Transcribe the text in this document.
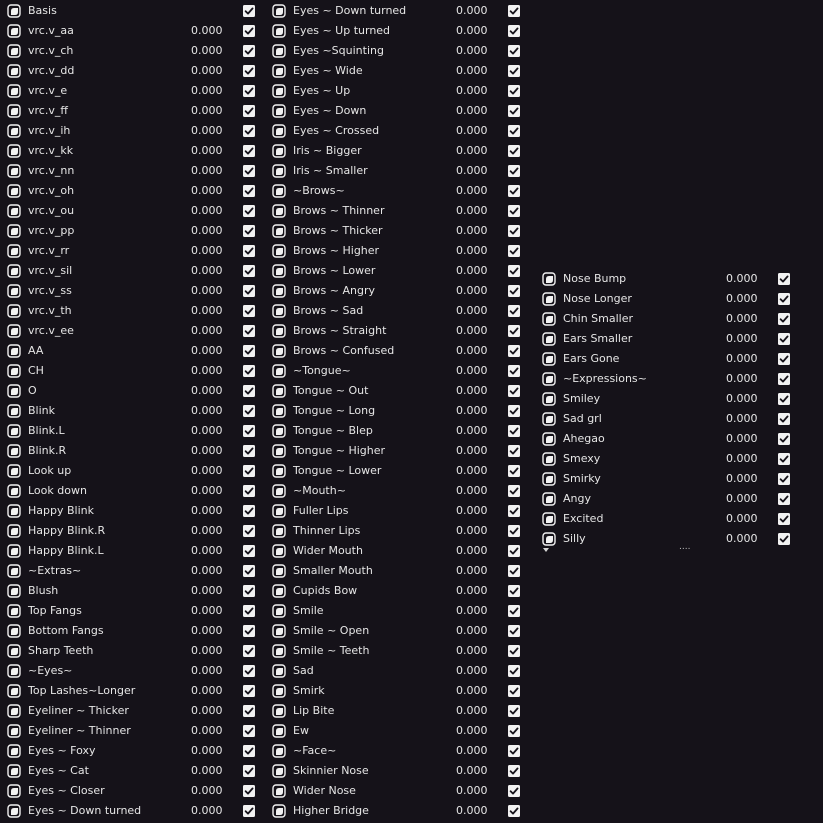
Basis
vrc.v_aa	0.000
vrc.v_ch	0.000
vrc.v_dd	0.000
vrc.v_e	0.000
vrc.v_ff	0.000
vrc.v_ih	0.000
vrc.v_kk	0.000
vrc.v_nn	0.000
vrc.v_oh	0.000
vrc.v_ou	0.000
vrc.v_pp	0.000
vrc.v_rr	0.000
vrc.v_sil	0.000
vrc.v_ss	0.000
vrc.v_th	0.000
vrc.v_ee	0.000
AA	0.000
CH	0.000
O	0.000
Blink	0.000
Blink.L	0.000
Blink.R	0.000
Look up	0.000
Look down	0.000
Happy Blink	0.000
Happy Blink.R	0.000
Happy Blink.L	0.000
~Extras~	0.000
Blush	0.000
Top Fangs	0.000
Bottom Fangs	0.000
Sharp Teeth	0.000
~Eyes~	0.000
Top Lashes~Longer	0.000
Eyeliner ~ Thicker	0.000
Eyeliner ~ Thinner	0.000
Eyes ~ Foxy	0.000
Eyes ~ Cat	0.000
Eyes ~ Closer	0.000
Eyes ~ Down turned	0.000
Eyes ~ Down turned	0.000
Eyes ~ Up turned	0.000
Eyes ~Squinting	0.000
Eyes ~ Wide	0.000
Eyes ~ Up	0.000
Eyes ~ Down	0.000
Eyes ~ Crossed	0.000
Iris ~ Bigger	0.000
Iris ~ Smaller	0.000
~Brows~	0.000
Brows ~ Thinner	0.000
Brows ~ Thicker	0.000
Brows ~ Higher	0.000
Brows ~ Lower	0.000
Brows ~ Angry	0.000
Brows ~ Sad	0.000
Brows ~ Straight	0.000
Brows ~ Confused	0.000
~Tongue~	0.000
Tongue ~ Out	0.000
Tongue ~ Long	0.000
Tongue ~ Blep	0.000
Tongue ~ Higher	0.000
Tongue ~ Lower	0.000
~Mouth~	0.000
Fuller Lips	0.000
Thinner Lips	0.000
Wider Mouth	0.000
Smaller Mouth	0.000
Cupids Bow	0.000
Smile	0.000
Smile ~ Open	0.000
Smile ~ Teeth	0.000
Sad	0.000
Smirk	0.000
Lip Bite	0.000
Ew	0.000
~Face~	0.000
Skinnier Nose	0.000
Wider Nose	0.000
Higher Bridge	0.000
Nose Bump	0.000
Nose Longer	0.000
Chin Smaller	0.000
Ears Smaller	0.000
Ears Gone	0.000
~Expressions~	0.000
Smiley	0.000
Sad grl	0.000
Ahegao	0.000
Smexy	0.000
Smirky	0.000
Angy	0.000
Excited	0.000
Silly	0.000
....
